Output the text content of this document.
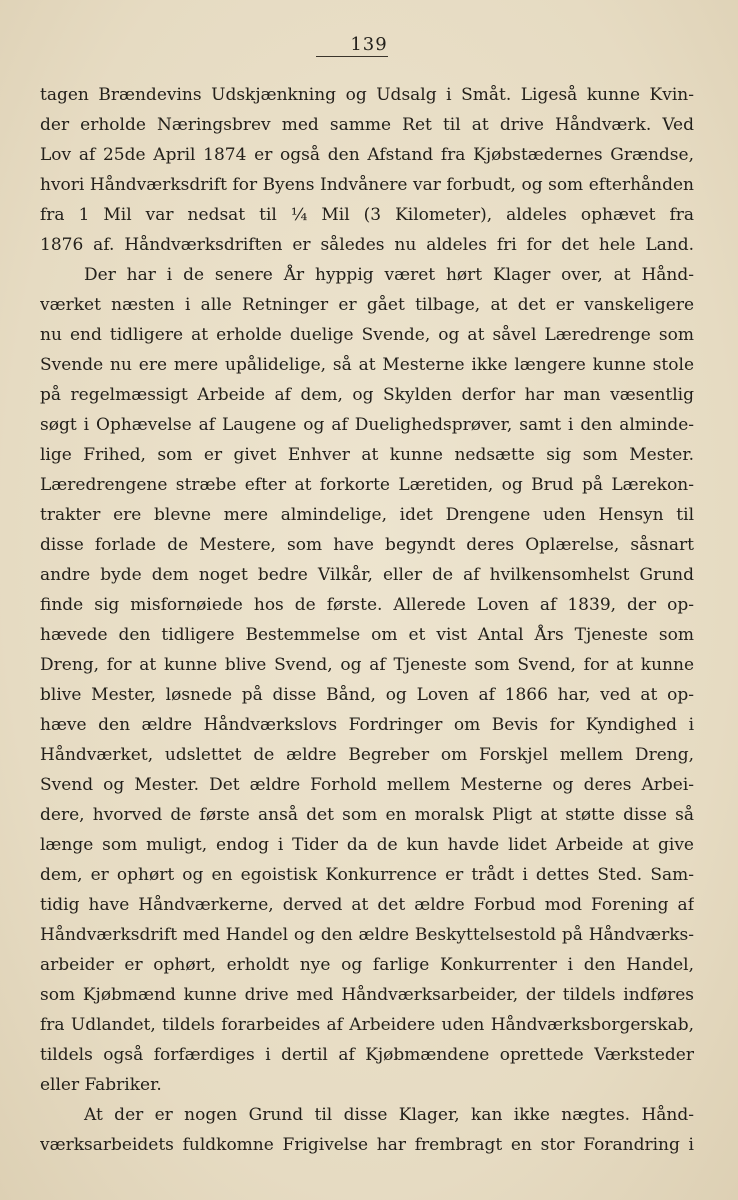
139
tagen Brændevins Udskjænkning og Udsalg i Småt. Ligeså kunne Kvin-
der erholde Næringsbrev med samme Ret til at drive Håndværk. Ved
Lov af 25de April 1874 er også den Afstand fra Kjøbstædernes Grændse,
hvori Håndværksdrift for Byens Indvånere var forbudt, og som efterhånden
fra 1 Mil var nedsat til ¼ Mil (3 Kilometer), aldeles ophævet fra
1876 af. Håndværksdriften er således nu aldeles fri for det hele Land.
Der har i de senere År hyppig været hørt Klager over, at Hånd-
værket næsten i alle Retninger er gået tilbage, at det er vanskeligere
nu end tidligere at erholde duelige Svende, og at såvel Læredrenge som
Svende nu ere mere upålidelige, så at Mesterne ikke længere kunne stole
på regelmæssigt Arbeide af dem, og Skylden derfor har man væsentlig
søgt i Ophævelse af Laugene og af Duelighedsprøver, samt i den alminde-
lige Frihed, som er givet Enhver at kunne nedsætte sig som Mester.
Læredrengene stræbe efter at forkorte Læretiden, og Brud på Lærekon-
trakter ere blevne mere almindelige, idet Drengene uden Hensyn til
disse forlade de Mestere, som have begyndt deres Oplærelse, såsnart
andre byde dem noget bedre Vilkår, eller de af hvilkensomhelst Grund
finde sig misfornøiede hos de første. Allerede Loven af 1839, der op-
hævede den tidligere Bestemmelse om et vist Antal Års Tjeneste som
Dreng, for at kunne blive Svend, og af Tjeneste som Svend, for at kunne
blive Mester, løsnede på disse Bånd, og Loven af 1866 har, ved at op-
hæve den ældre Håndværkslovs Fordringer om Bevis for Kyndighed i
Håndværket, udslettet de ældre Begreber om Forskjel mellem Dreng,
Svend og Mester. Det ældre Forhold mellem Mesterne og deres Arbei-
dere, hvorved de første anså det som en moralsk Pligt at støtte disse så
længe som muligt, endog i Tider da de kun havde lidet Arbeide at give
dem, er ophørt og en egoistisk Konkurrence er trådt i dettes Sted. Sam-
tidig have Håndværkerne, derved at det ældre Forbud mod Forening af
Håndværksdrift med Handel og den ældre Beskyttelsestold på Håndværks-
arbeider er ophørt, erholdt nye og farlige Konkurrenter i den Handel,
som Kjøbmænd kunne drive med Håndværksarbeider, der tildels indføres
fra Udlandet, tildels forarbeides af Arbeidere uden Håndværksborgerskab,
tildels også forfærdiges i dertil af Kjøbmændene oprettede Værksteder
eller Fabriker.
At der er nogen Grund til disse Klager, kan ikke nægtes. Hånd-
værksarbeidets fuldkomne Frigivelse har frembragt en stor Forandring i
